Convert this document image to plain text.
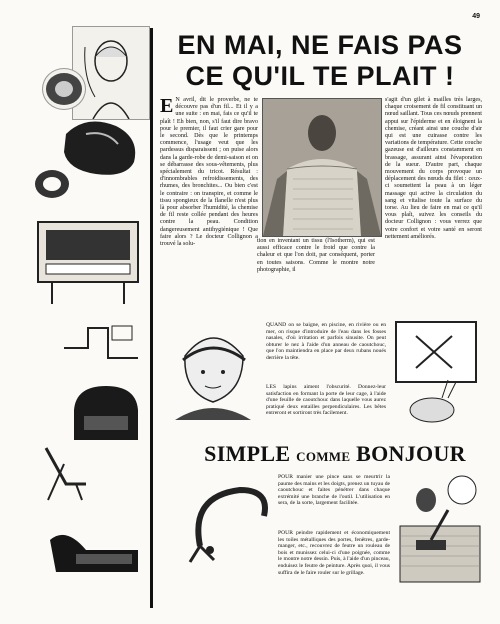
49
EN MAI, NE FAIS PAS
CE QU'IL TE PLAIT !
E N avril, dit le proverbe, ne te découvre pas d'un fil... Et il y a une suite : en mai, fais ce qu'il te plaît ! Eh bien, non, s'il faut dire bravo pour le premier, il faut crier gare pour le second. Dès que le printemps commence, l'usage veut que les pardessus disparaissent ; on puise alors dans la garde-robe de demi-saison et on se débarrasse des sous-vêtements, plus spécialement du tricot. Résultat : d'innombrables refroidissements, des rhumes, des bronchites... Ou bien c'est le contraire : on transpire, et comme le tissu spongieux de la flanelle n'est plus là pour absorber l'humidité, la chemise de fil reste collée pendant des heures contre la peau. Condition dangereusement antihygiénique ! Que faire alors ? Le docteur Collignon a trouvé la solu-
tion en inventant un tissu (l'Isotherm), qui est aussi efficace contre le froid que contre la chaleur et que l'on doit, par conséquent, porter en toutes saisons. Comme le montre notre photographie, il
s'agit d'un gilet à mailles très larges, chaque croisement de fil constituant un nœud saillant. Tous ces nœuds prennent appui sur l'épiderme et en éloignent la chemise, créant ainsi une couche d'air qui est une cuirasse contre les variations de température. Cette couche gazeuse est d'ailleurs constamment en brassage, assurant ainsi l'évaporation de la sueur. D'autre part, chaque mouvement du corps provoque un déplacement des nœuds du filet : ceux-ci soumettent la peau à un léger massage qui active la circulation du sang et vitalise toute la surface du torse. Au lieu de faire en mai ce qu'il vous plaît, suivez les conseils du docteur Collignon : vous verrez que votre confort et votre santé en seront nettement améliorés.
QUAND on se baigne, en piscine, en rivière ou en mer, on risque d'introduire de l'eau dans les fosses nasales, d'où irritation et parfois sinusite. On peut obturer le nez à l'aide d'un anneau de caoutchouc, que l'on maintiendra en place par deux rubans noués derrière la tête.
LES lapins aiment l'obscurité. Donnez-leur satisfaction en formant la porte de leur cage, à l'aide d'une feuille de caoutchouc dans laquelle vous aurez pratiqué deux entailles perpendiculaires. Les bêtes entreront et sortiront très facilement.
SIMPLE COMME BONJOUR
POUR manier une pince sans se meurtrir la paume des mains et les doigts, prenez un tuyau de caoutchouc et faites pénétrer dans chaque extrémité une branche de l'outil. L'utilisation en sera, de la sorte, largement facilitée.
POUR peindre rapidement et économiquement les toiles métalliques des portes, fenêtres, garde-manger, etc., recouvrez de feutre un rouleau de bois et munissez celui-ci d'une poignée, comme le montre notre dessin. Puis, à l'aide d'un pinceau, enduisez le feutre de peinture. Après quoi, il vous suffira de le faire rouler sur le grillage.
